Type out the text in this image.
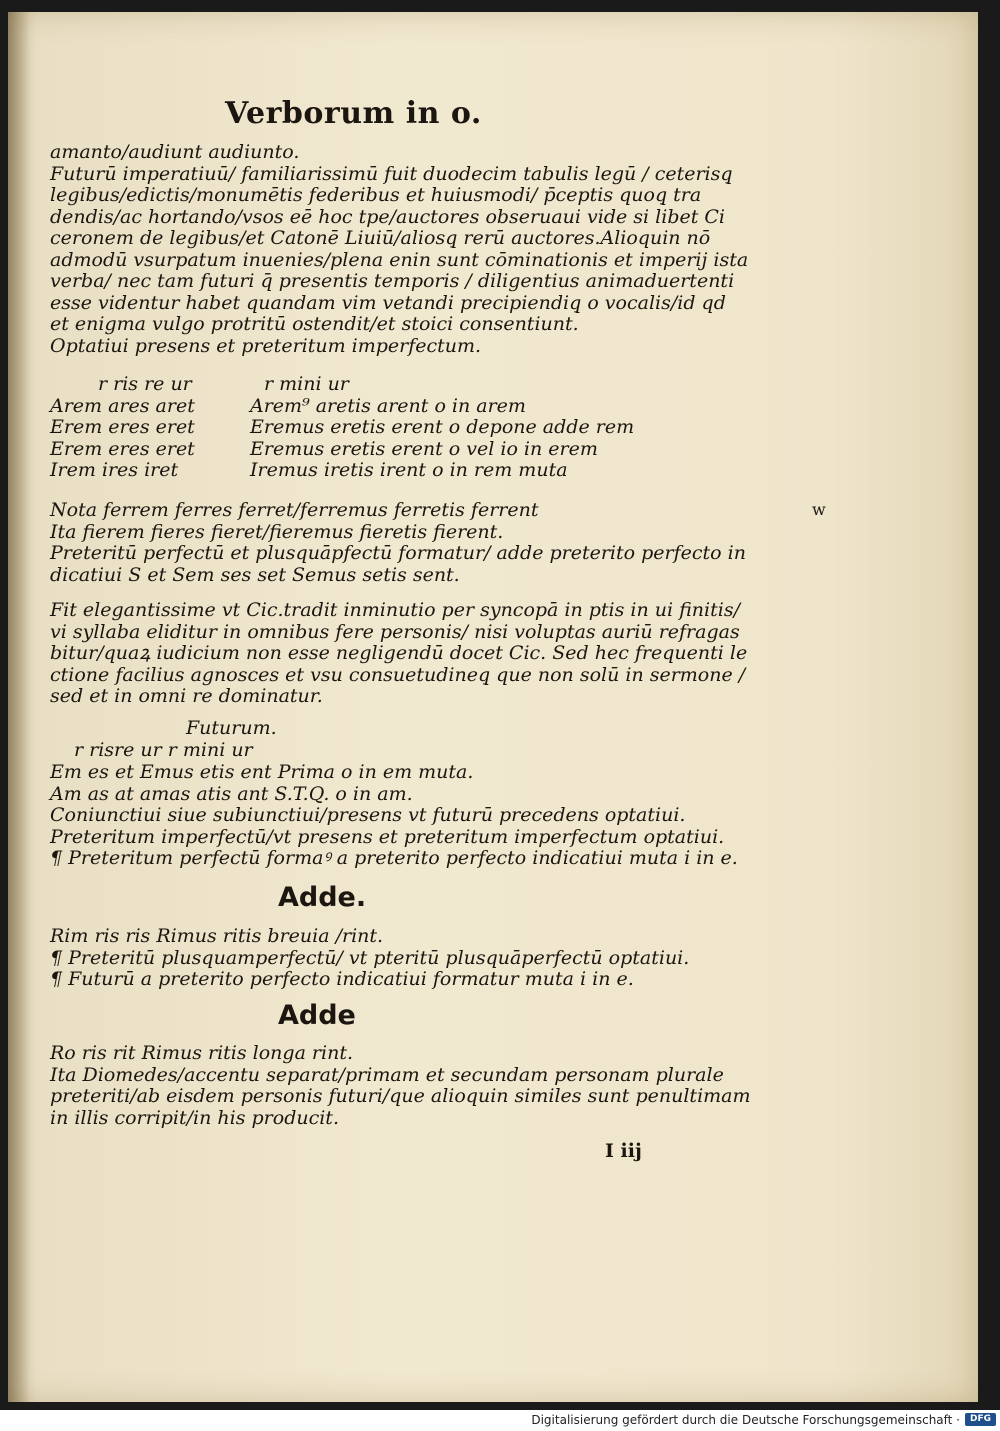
Verborum in o.
amanto/audiunt audiunto.
Futurū imperatiuū/ familiarissimū fuit duodecim tabulis legū / ceterisq̧
legibus/edictis/monumētis federibus et huiusmodi/ p̄ceptis quoq̧ tra
dendis/ac hortando/vsos eē hoc tpe/auctores obseruaui vide si libet Ci
ceronem de legibus/et Catonē Liuiū/aliosq̧ rerū auctores.Alioquin nō
admodū vsurpatum inuenies/plena enin sunt cōminationis et imperij ista
verba/ nec tam futuri q̄ presentis temporis / diligentius animaduertenti
esse videntur habet quandam vim vetandi precipiendiq̧ o vocalis/id qd
et enigma vulgo protritū ostendit/et stoici consentiunt.
Optatiui presens et preteritum imperfectum.
r ris re ur	r mini ur
Arem ares aret	Arem⁹ aretis arent o in arem
Erem eres eret	Eremus eretis erent o depone adde rem
Erem eres eret	Eremus eretis erent o vel io in erem
Irem ires iret	Iremus iretis irent o in rem muta
w
Nota ferrem ferres ferret/ferremus ferretis ferrent
Ita fierem fieres fieret/fieremus fieretis fierent.
Preteritū perfectū et plusquāpfectū formatur/ adde preterito perfecto in
dicatiui S et Sem ses set Semus setis sent.
Fit elegantissime vt Cic.tradit inminutio per syncopā in ptis in ui finitis/
vi syllaba eliditur in omnibus fere personis/ nisi voluptas auriū refragas
bitur/quaꝝ iudicium non esse negligendū docet Cic. Sed hec frequenti le
ctione facilius agnosces et vsu consuetudineq̧ que non solū in sermone /
sed et in omni re dominatur.
Futurum.
r risre ur r mini ur
Em es et Emus etis ent Prima o in em muta.
Am as at amas atis ant S.T.Q. o in am.
Coniunctiui siue subiunctiui/presens vt futurū precedens optatiui.
Preteritum imperfectū/vt presens et preteritum imperfectum optatiui.
¶ Preteritum perfectū formaꝰ a preterito perfecto indicatiui muta i in e.
Adde.
Rim ris ris Rimus ritis breuia /rint.
¶ Preteritū plusquamperfectū/ vt pteritū plusquāperfectū optatiui.
¶ Futurū a preterito perfecto indicatiui formatur muta i in e.
Adde
Ro ris rit Rimus ritis longa rint.
Ita Diomedes/accentu separat/primam et secundam personam plurale
preteriti/ab eisdem personis futuri/que alioquin similes sunt penultimam
in illis corripit/in his producit.
I iij
Digitalisierung gefördert durch die Deutsche Forschungsgemeinschaft ·	DFG
